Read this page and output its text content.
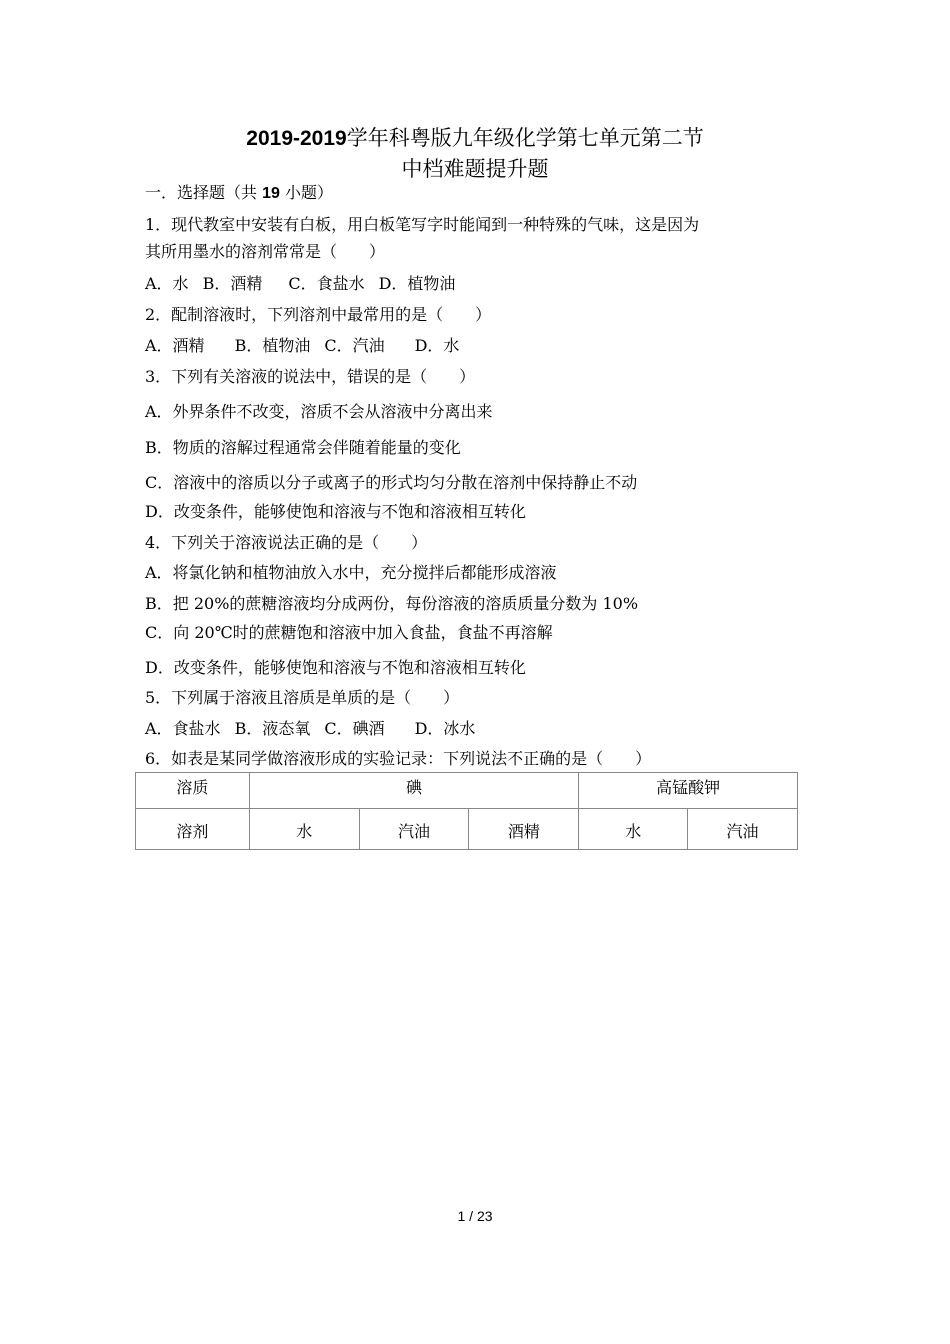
2019-2019学年科粤版九年级化学第七单元第二节
中档难题提升题
一．选择题（共 19 小题）
1．现代教室中安装有白板，用白板笔写字时能闻到一种特殊的气味，这是因为
其所用墨水的溶剂常常是（　　）
A．水 B．酒精 C．食盐水 D．植物油
2．配制溶液时，下列溶剂中最常用的是（　　）
A．酒精 B．植物油 C．汽油 D．水
3．下列有关溶液的说法中，错误的是（　　）
A．外界条件不改变，溶质不会从溶液中分离出来
B．物质的溶解过程通常会伴随着能量的变化
C．溶液中的溶质以分子或离子的形式均匀分散在溶剂中保持静止不动
D．改变条件，能够使饱和溶液与不饱和溶液相互转化
4．下列关于溶液说法正确的是（　　）
A．将氯化钠和植物油放入水中，充分搅拌后都能形成溶液
B．把 20%的蔗糖溶液均分成两份，每份溶液的溶质质量分数为 10%
C．向 20℃时的蔗糖饱和溶液中加入食盐，食盐不再溶解
D．改变条件，能够使饱和溶液与不饱和溶液相互转化
5．下列属于溶液且溶质是单质的是（　　）
A．食盐水 B．液态氧 C．碘酒 D．冰水
6．如表是某同学做溶液形成的实验记录：下列说法不正确的是（　　）
溶质	碘			高锰酸钾	
溶剂	水	汽油	酒精	水	汽油
1 / 23
